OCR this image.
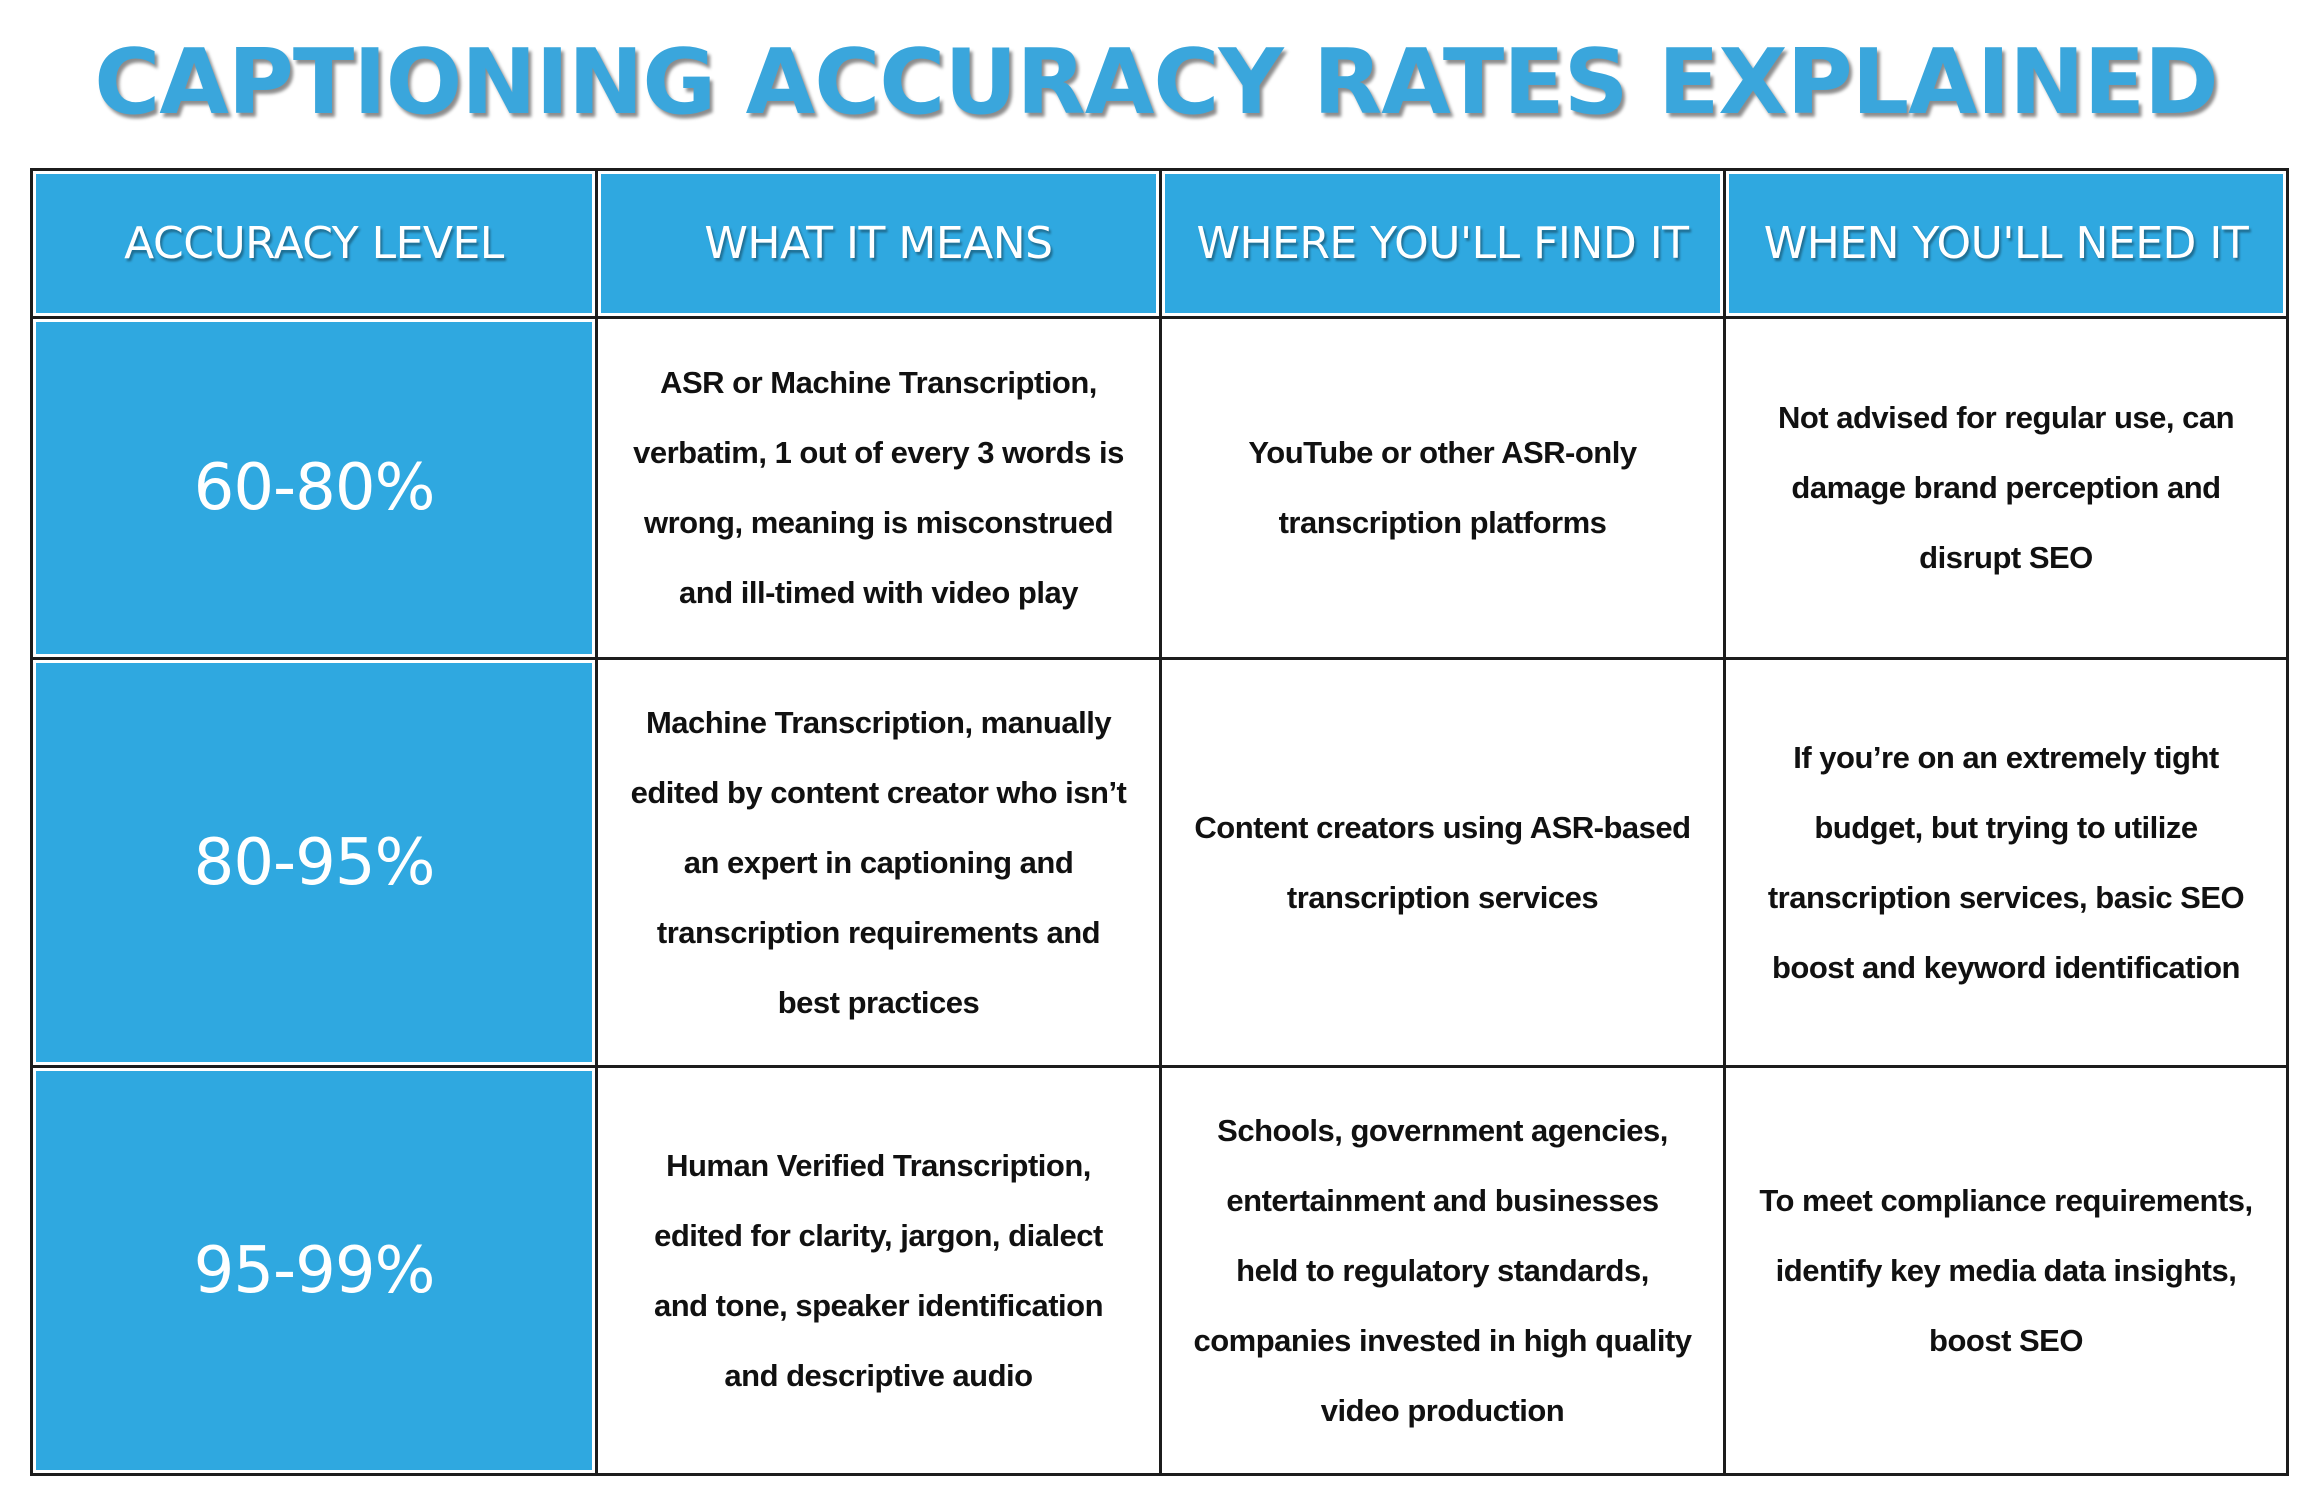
CAPTIONING ACCURACY RATES EXPLAINED
ACCURACY LEVEL	WHAT IT MEANS	WHERE YOU'LL FIND IT	WHEN YOU'LL NEED IT
60-80%	ASR or Machine Transcription, verbatim, 1 out of every 3 words is wrong, meaning is misconstrued and ill-timed with video play	YouTube or other ASR-only transcription platforms	Not advised for regular use, can damage brand perception and disrupt SEO
80-95%	Machine Transcription, manually edited by content creator who isn’t an expert in captioning and transcription requirements and best practices	Content creators using ASR-based transcription services	If you’re on an extremely tight budget, but trying to utilize transcription services, basic SEO boost and keyword identification
95-99%	Human Verified Transcription, edited for clarity, jargon, dialect and tone, speaker identification and descriptive audio	Schools, government agencies, entertainment and businesses held to regulatory standards, companies invested in high quality video production	To meet compliance requirements, identify key media data insights, boost SEO
